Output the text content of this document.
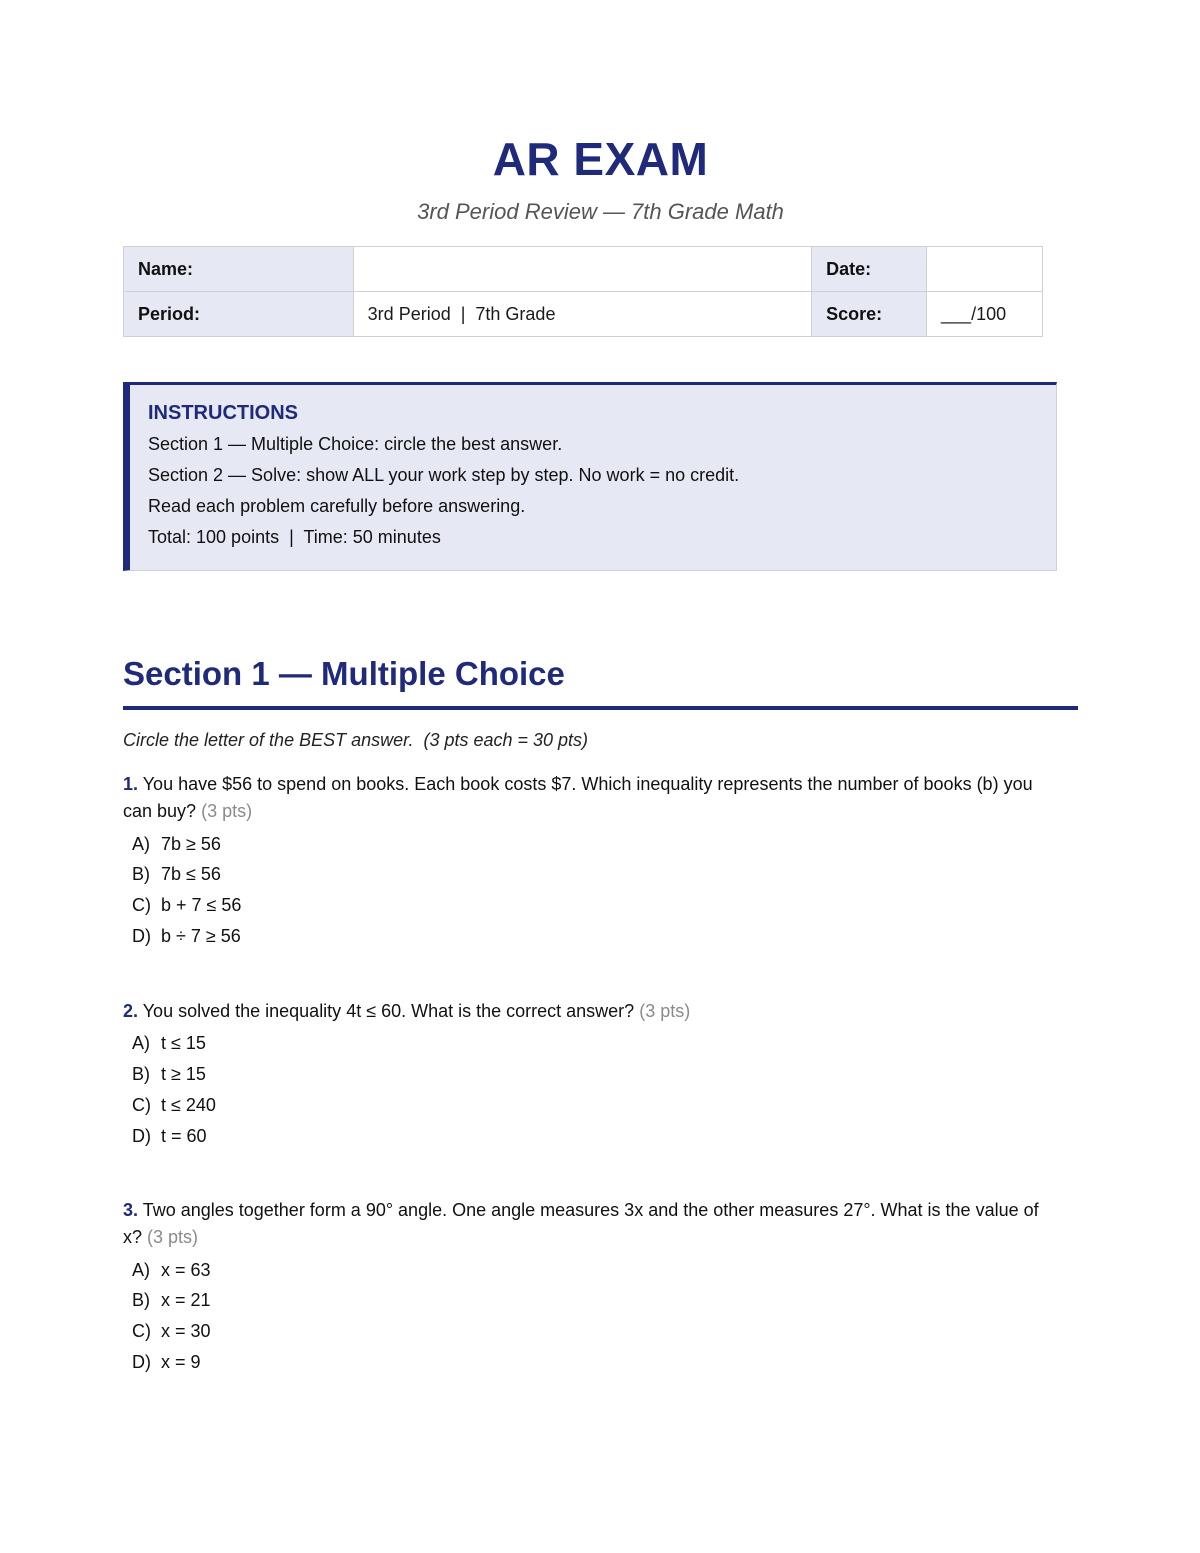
AR EXAM
3rd Period Review — 7th Grade Math
Name:		Date:	
Period:	3rd Period  |  7th Grade	Score:	___/100
INSTRUCTIONS
Section 1 — Multiple Choice: circle the best answer.
Section 2 — Solve: show ALL your work step by step. No work = no credit.
Read each problem carefully before answering.
Total: 100 points  |  Time: 50 minutes
Section 1 — Multiple Choice
Circle the letter of the BEST answer.  (3 pts each = 30 pts)
1. You have $56 to spend on books. Each book costs $7. Which inequality represents the number of books (b) you can buy? (3 pts)
A) 7b ≥ 56
B) 7b ≤ 56
C) b + 7 ≤ 56
D) b ÷ 7 ≥ 56
2. You solved the inequality 4t ≤ 60. What is the correct answer? (3 pts)
A) t ≤ 15
B) t ≥ 15
C) t ≤ 240
D) t = 60
3. Two angles together form a 90° angle. One angle measures 3x and the other measures 27°. What is the value of x? (3 pts)
A) x = 63
B) x = 21
C) x = 30
D) x = 9
